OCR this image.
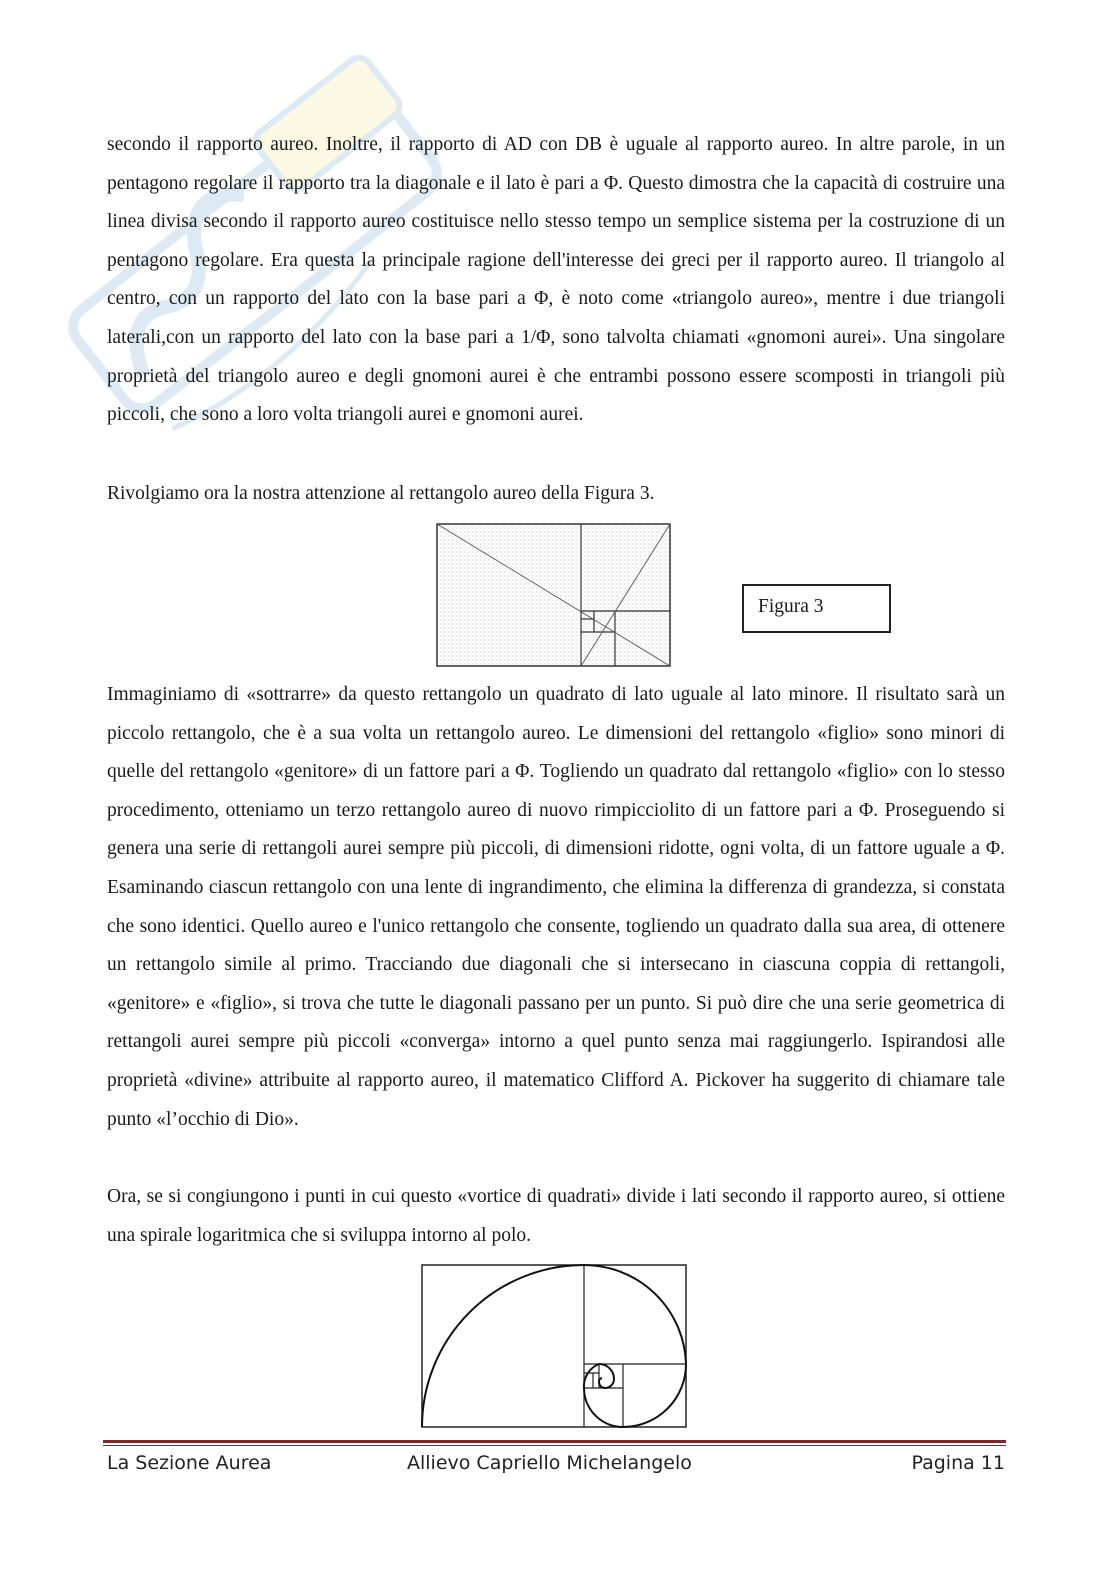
secondo il rapporto aureo. Inoltre, il rapporto di AD con DB è uguale al rapporto aureo. In altre parole, in un pentagono regolare il rapporto tra la diagonale e il lato è pari a Φ. Questo dimostra che la capacità di costruire una linea divisa secondo il rapporto aureo costituisce nello stesso tempo un semplice sistema per la costruzione di un pentagono regolare. Era questa la principale ragione dell'interesse dei greci per il rapporto aureo. Il triangolo al centro, con un rapporto del lato con la base pari a Φ, è noto come «triangolo aureo», mentre i due triangoli laterali,con un rapporto del lato con la base pari a 1/Φ, sono talvolta chiamati «gnomoni aurei». Una singolare proprietà del triangolo aureo e degli gnomoni aurei è che entrambi possono essere scomposti in triangoli più piccoli, che sono a loro volta triangoli aurei e gnomoni aurei.

Rivolgiamo ora la nostra attenzione al rettangolo aureo della Figura 3.

Figura 3

Immaginiamo di «sottrarre» da questo rettangolo un quadrato di lato uguale al lato minore. Il risultato sarà un piccolo rettangolo, che è a sua volta un rettangolo aureo. Le dimensioni del rettangolo «figlio» sono minori di quelle del rettangolo «genitore» di un fattore pari a Φ. Togliendo un quadrato dal rettangolo «figlio» con lo stesso procedimento, otteniamo un terzo rettangolo aureo di nuovo rimpicciolito di un fattore pari a Φ. Proseguendo si genera una serie di rettangoli aurei sempre più piccoli, di dimensioni ridotte, ogni volta, di un fattore uguale a Φ. Esaminando ciascun rettangolo con una lente di ingrandimento, che elimina la differenza di grandezza, si constata che sono identici. Quello aureo e l'unico rettangolo che consente, togliendo un quadrato dalla sua area, di ottenere un rettangolo simile al primo. Tracciando due diagonali che si intersecano in ciascuna coppia di rettangoli, «genitore» e «figlio», si trova che tutte le diagonali passano per un punto. Si può dire che una serie geometrica di rettangoli aurei sempre più piccoli «converga» intorno a quel punto senza mai raggiungerlo. Ispirandosi alle proprietà «divine» attribuite al rapporto aureo, il matematico Clifford A. Pickover ha suggerito di chiamare tale punto «l’occhio di Dio».

Ora, se si congiungono i punti in cui questo «vortice di quadrati» divide i lati secondo il rapporto aureo, si ottiene una spirale logaritmica che si sviluppa intorno al polo.

La Sezione Aurea	Allievo Capriello Michelangelo	Pagina 11
